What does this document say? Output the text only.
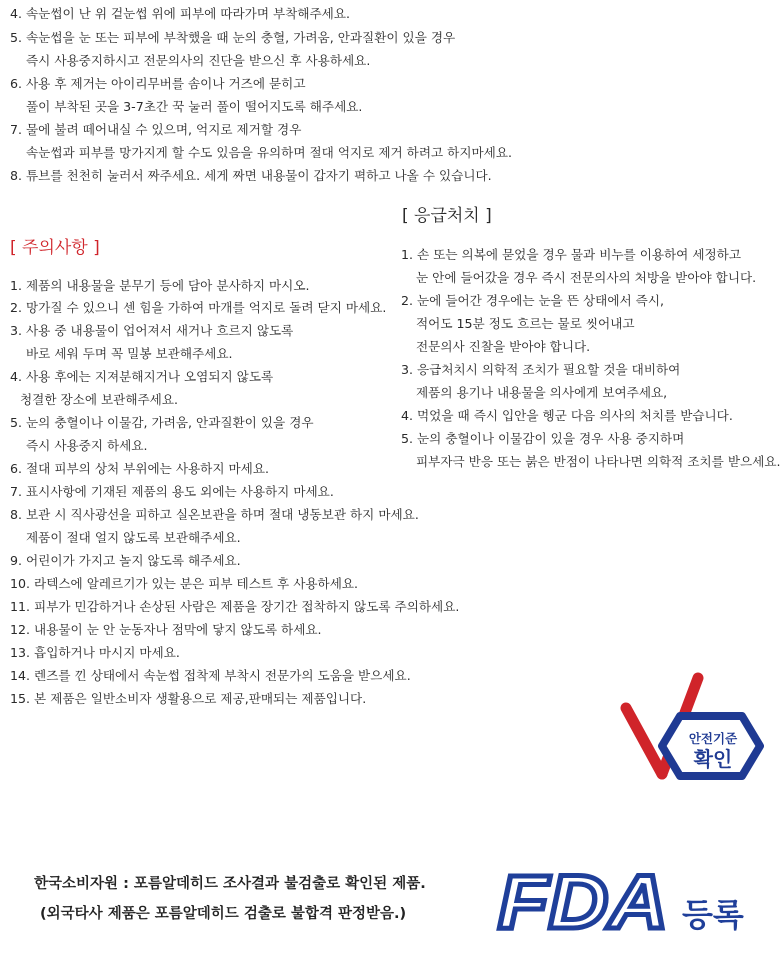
4. 속눈썹이 난 위 겉눈썹 위에 피부에 따라가며 부착해주세요.
5. 속눈썹을 눈 또는 피부에 부착했을 때 눈의 충혈, 가려움, 안과질환이 있을 경우
즉시 사용중지하시고 전문의사의 진단을 받으신 후 사용하세요.
6. 사용 후 제거는 아이리무버를 솜이나 거즈에 묻히고
풀이 부착된 곳을 3-7초간 꾹 눌러 풀이 떨어지도록 해주세요.
7. 물에 불려 떼어내실 수 있으며, 억지로 제거할 경우
속눈썹과 피부를 망가지게 할 수도 있음을 유의하며 절대 억지로 제거 하려고 하지마세요.
8. 튜브를 천천히 눌러서 짜주세요. 세게 짜면 내용물이 갑자기 펵하고 나올 수 있습니다.
[ 응급처치 ]
1. 손 또는 의복에 묻었을 경우 물과 비누를 이용하여 세정하고
눈 안에 들어갔을 경우 즉시 전문의사의 처방을 받아야 합니다.
2. 눈에 들어간 경우에는 눈을 뜬 상태에서 즉시,
적어도 15분 정도 흐르는 물로 씻어내고
전문의사 진찰을 받아야 합니다.
3. 응급처치시 의학적 조치가 필요할 것을 대비하여
제품의 용기나 내용물을 의사에게 보여주세요,
4. 먹었을 때 즉시 입안을 헹군 다음 의사의 처치를 받습니다.
5. 눈의 충혈이나 이물감이 있을 경우 사용 중지하며
피부자극 반응 또는 붉은 반점이 나타나면 의학적 조치를 받으세요.
[ 주의사항 ]
1. 제품의 내용물을 분무기 등에 담아 분사하지 마시오.
2. 망가질 수 있으니 센 힘을 가하여 마개를 억지로 돌려 닫지 마세요.
3. 사용 중 내용물이 업어져서 새거나 흐르지 않도록
바로 세워 두며 꼭 밀봉 보관해주세요.
4. 사용 후에는 지져분해지거나 오염되지 않도록
청결한 장소에 보관해주세요.
5. 눈의 충혈이나 이물감, 가려움, 안과질환이 있을 경우
즉시 사용중지 하세요.
6. 절대 피부의 상처 부위에는 사용하지 마세요.
7. 표시사항에 기재된 제품의 용도 외에는 사용하지 마세요.
8. 보관 시 직사광선을 피하고 실온보관을 하며 절대 냉동보관 하지 마세요.
제품이 절대 얼지 않도록 보관해주세요.
9. 어린이가 가지고 놀지 않도록 해주세요.
10. 라텍스에 알레르기가 있는 분은 피부 테스트 후 사용하세요.
11. 피부가 민감하거나 손상된 사람은 제품을 장기간 접착하지 않도록 주의하세요.
12. 내용물이 눈 안 눈동자나 점막에 닿지 않도록 하세요.
13. 흡입하거나 마시지 마세요.
14. 렌즈를 낀 상태에서 속눈썹 접착제 부착시 전문가의 도움을 받으세요.
15. 본 제품은 일반소비자 생활용으로 제공,판매되는 제품입니다.
안전기준
확인
한국소비자원 : 포름알데히드 조사결과 불검출로 확인된 제품.
(외국타사 제품은 포름알데히드 검출로 불합격 판정받음.) FDA 등록
